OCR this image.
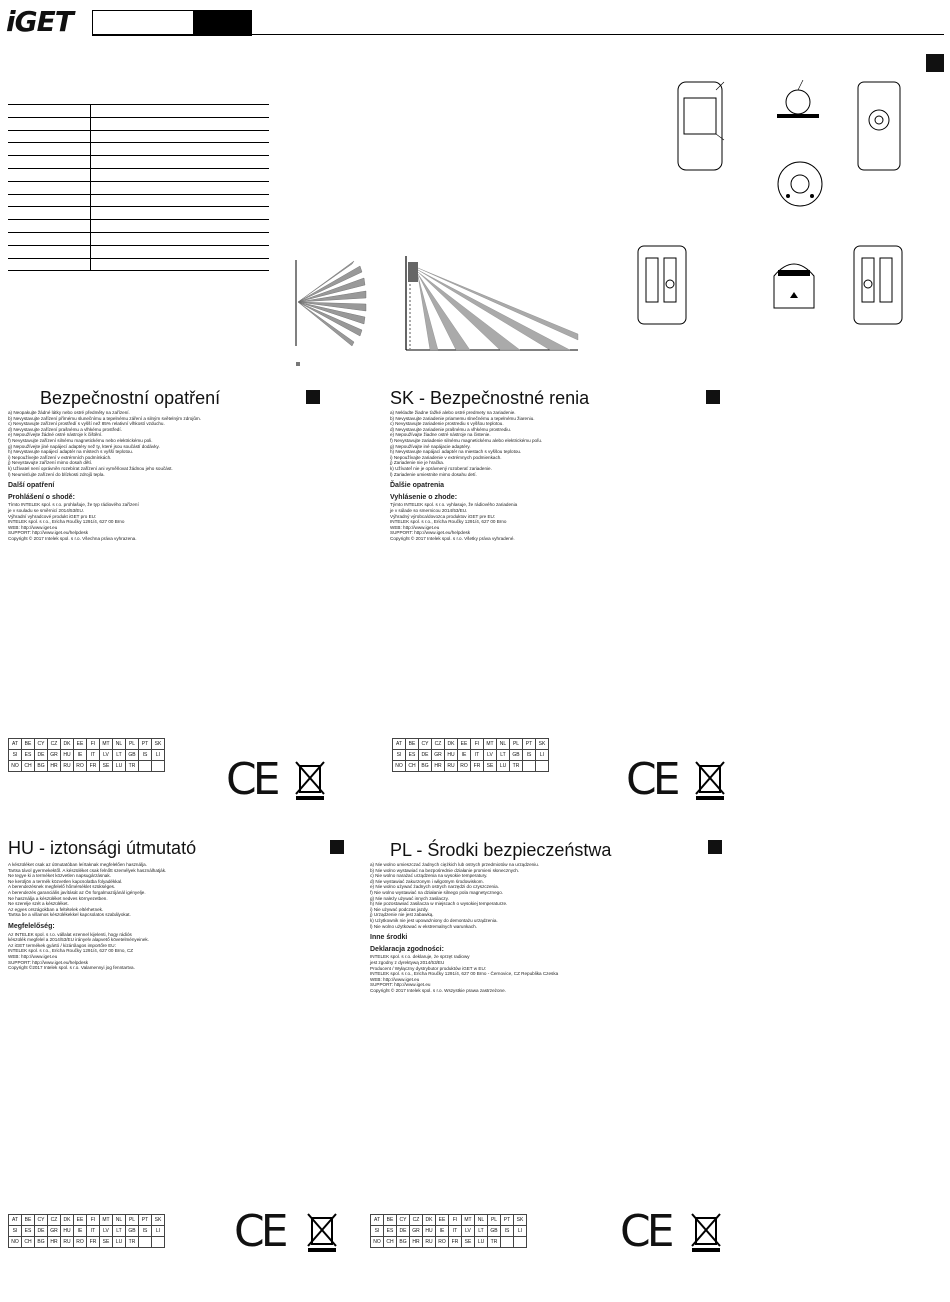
iGET

Bezpečnostní opatření

a) Neopakujte žádné látky nebo ostré předměty na zařízení.

b) Nevystavujte zařízení přímému slunečnímu a tepelnému záření a silným světelným zdrojům.

c) Nevystavujte zařízení prostředí s vyšší než 85% relativní vlhkostí vzduchu.

d) Nevystavujte zařízení prašnému a vlhkému prostředí.

e) Nepoužívejte žádné ostré nástroje k čištění.

f) Nevystavujte zařízení silnému magnetickému nebo elektrickému poli.

g) Nepoužívejte jiné napájecí adaptéry než ty, které jsou součástí dodávky.

h) Nevystavujte napájecí adaptér na místech s vyšší teplotou.

i) Nepoužívejte zařízení v extrémních podmínkách.

j) Nevystavujte zařízení mimo dosah dětí.

k) Uživatel není oprávněn rozebírat zařízení ani vyměňovat žádnou jeho součást.

l) Neumisťujte zařízení do blízkosti zdrojů tepla.

Další opatření
Prohlášení o shodě:

Tímto INTELEK spol. s r.o. prohlašuje, že typ rádiového zařízení

je v souladu se směrnicí 2014/53/EU.

Výhradní vyhradcové produkt iGET pro EU:

INTELEK spol. s r.o., Ericha Roučky 1291/4, 627 00 Brno

WEB: http://www.iget.eu

SUPPORT: http://www.iget.eu/helpdesk

Copyright © 2017 Intelek spol. s r.o. Všechna práva vyhrazena.

AT	BE	CY	CZ	DK	EE	FI	MT	NL	PL	PT	SK
SI	ES	DE	GR	HU	IE	IT	LV	LT	GB	IS	LI
NO	CH	BG	HR	RU	RO	FR	SE	LU	TR		CE
SK - Bezpečnostné renia

a) Nekladte žiadne ťažké alebo ostré predmety na zariadenie.

b) Nevystavujte zariadenie priamemu slnečnému a tepelnému žiareniu.

c) Nevystavujte zariadenie prostrediu s vyššou teplotou.

d) Nevystavujte zariadenie prašnému a vlhkému prostrediu.

e) Nepoužívajte žiadne ostré nástroje na čistenie.

f) Nevystavujte zariadenie silnému magnetickému alebo elektrickému poľu.

g) Nepoužívajte iné napájacie adaptéry.

h) Nevystavujte napájací adaptér na miestach s vyššou teplotou.

i) Nepoužívajte zariadenie v extrémnych podmienkach.

j) Zariadenie nie je hračka.

k) Užívateľ nie je oprávnený rozoberať zariadenie.

l) Zariadenie umiestnite mimo dosahu detí.

Ďalšie opatrenia
Vyhlásenie o zhode:

Týmto INTELEK spol. s r.o. vyhlasuje, že rádiového zariadenia

je v súlade so smernicou 2014/53/EU.

Výhradný výrobca/dovozca produktov iGET pre EU:

INTELEK spol. s r.o., Ericha Roučky 1291/4, 627 00 Brno

WEB: http://www.iget.eu

SUPPORT: http://www.iget.eu/helpdesk

Copyright © 2017 Intelek spol. s r.o. Všetky práva vyhradené.

AT	BE	CY	CZ	DK	EE	FI	MT	NL	PL	PT	SK
SI	ES	DE	GR	HU	IE	IT	LV	LT	GB	IS	LI
NO	CH	BG	HR	RU	RO	FR	SE	LU	TR		CE
HU - iztonsági útmutató

A készüléket csak az útmutatóban leírtaknak megfelelően használja.

Tartsa távol gyermekektől. A készüléket csak felnőtt személyek használhatják.

Ne tegye ki a terméket közvetlen napsugárzásnak.

Ne kerüljön a termék közvetlen kapcsolatba folyadékkal.

A berendezésnek megfelelő hőmérséklet szükséges.

A berendezés garanciális javítását az Ön forgalmazójánál igényelje.

Ne használja a készüléket nedves környezetben.

Ne szerelje szét a készüléket.

Az egyes országokban a feltételek eltérhetnek.

Tartsa be a villamos készülékekkel kapcsolatos szabályokat.

Megfelelőség:

Az INTELEK spol. s r.o. vállalat ezennel kijelenti, hogy rádiós

készülék megfelel a 2014/53/EU irányelv alapvető követelményeinek.

Az iGET termékek gyártó / kizárólagos importőre EU:

INTELEK spol. s r.o., Ericha Roučky 1291/4, 627 00 Brno, CZ

WEB: http://www.iget.eu

SUPPORT: http://www.iget.eu/helpdesk

Copyright ©2017 Intelek spol. s r.o. Valamennyi jog fenntartva.

AT	BE	CY	CZ	DK	EE	FI	MT	NL	PL	PT	SK
SI	ES	DE	GR	HU	IE	IT	LV	LT	GB	IS	LI
NO	CH	BG	HR	RU	RO	FR	SE	LU	TR		CE
PL - Środki bezpieczeństwa

a) Nie wolno umieszczać żadnych ciężkich lub ostrych przedmiotów na urządzeniu.

b) Nie wolno wystawiać na bezpośrednie działanie promieni słonecznych.

c) Nie wolno narażać urządzenia na wysokie temperatury.

d) Nie wystawiać zakurzonym i wilgotnym środowiskom.

e) Nie wolno używać żadnych ostrych narzędzi do czyszczenia.

f) Nie wolno wystawiać na działanie silnego pola magnetycznego.

g) Nie należy używać innych zasilaczy.

h) Nie pozostawiać zasilacza w miejscach o wysokiej temperaturze.

i) Nie używać podczas jazdy.

j) Urządzenie nie jest zabawką.

k) Użytkownik nie jest upoważniony do demontażu urządzenia.

l) Nie wolno użytkować w ekstremalnych warunkach.

Inne środki
Deklaracja zgodności:

INTELEK spol. s r.o. deklaruje, że sprzęt radiowy

jest zgodny z dyrektywą 2014/53/EU

Producent / Wyłączny dystrybutor produktów iGET w EU:

INTELEK spol. s r.o., Ericha Roučky 1291/4, 627 00 Brno - Černovice, CZ Republika Czeska

WEB: http://www.iget.eu

SUPPORT: http://www.iget.eu

Copyright © 2017 Intelek spol. s r.o. Wszystkie prawa zastrzeżone.

AT	BE	CY	CZ	DK	EE	FI	MT	NL	PL	PT	SK
SI	ES	DE	GR	HU	IE	IT	LV	LT	GB	IS	LI
NO	CH	BG	HR	RU	RO	FR	SE	LU	TR			CE
